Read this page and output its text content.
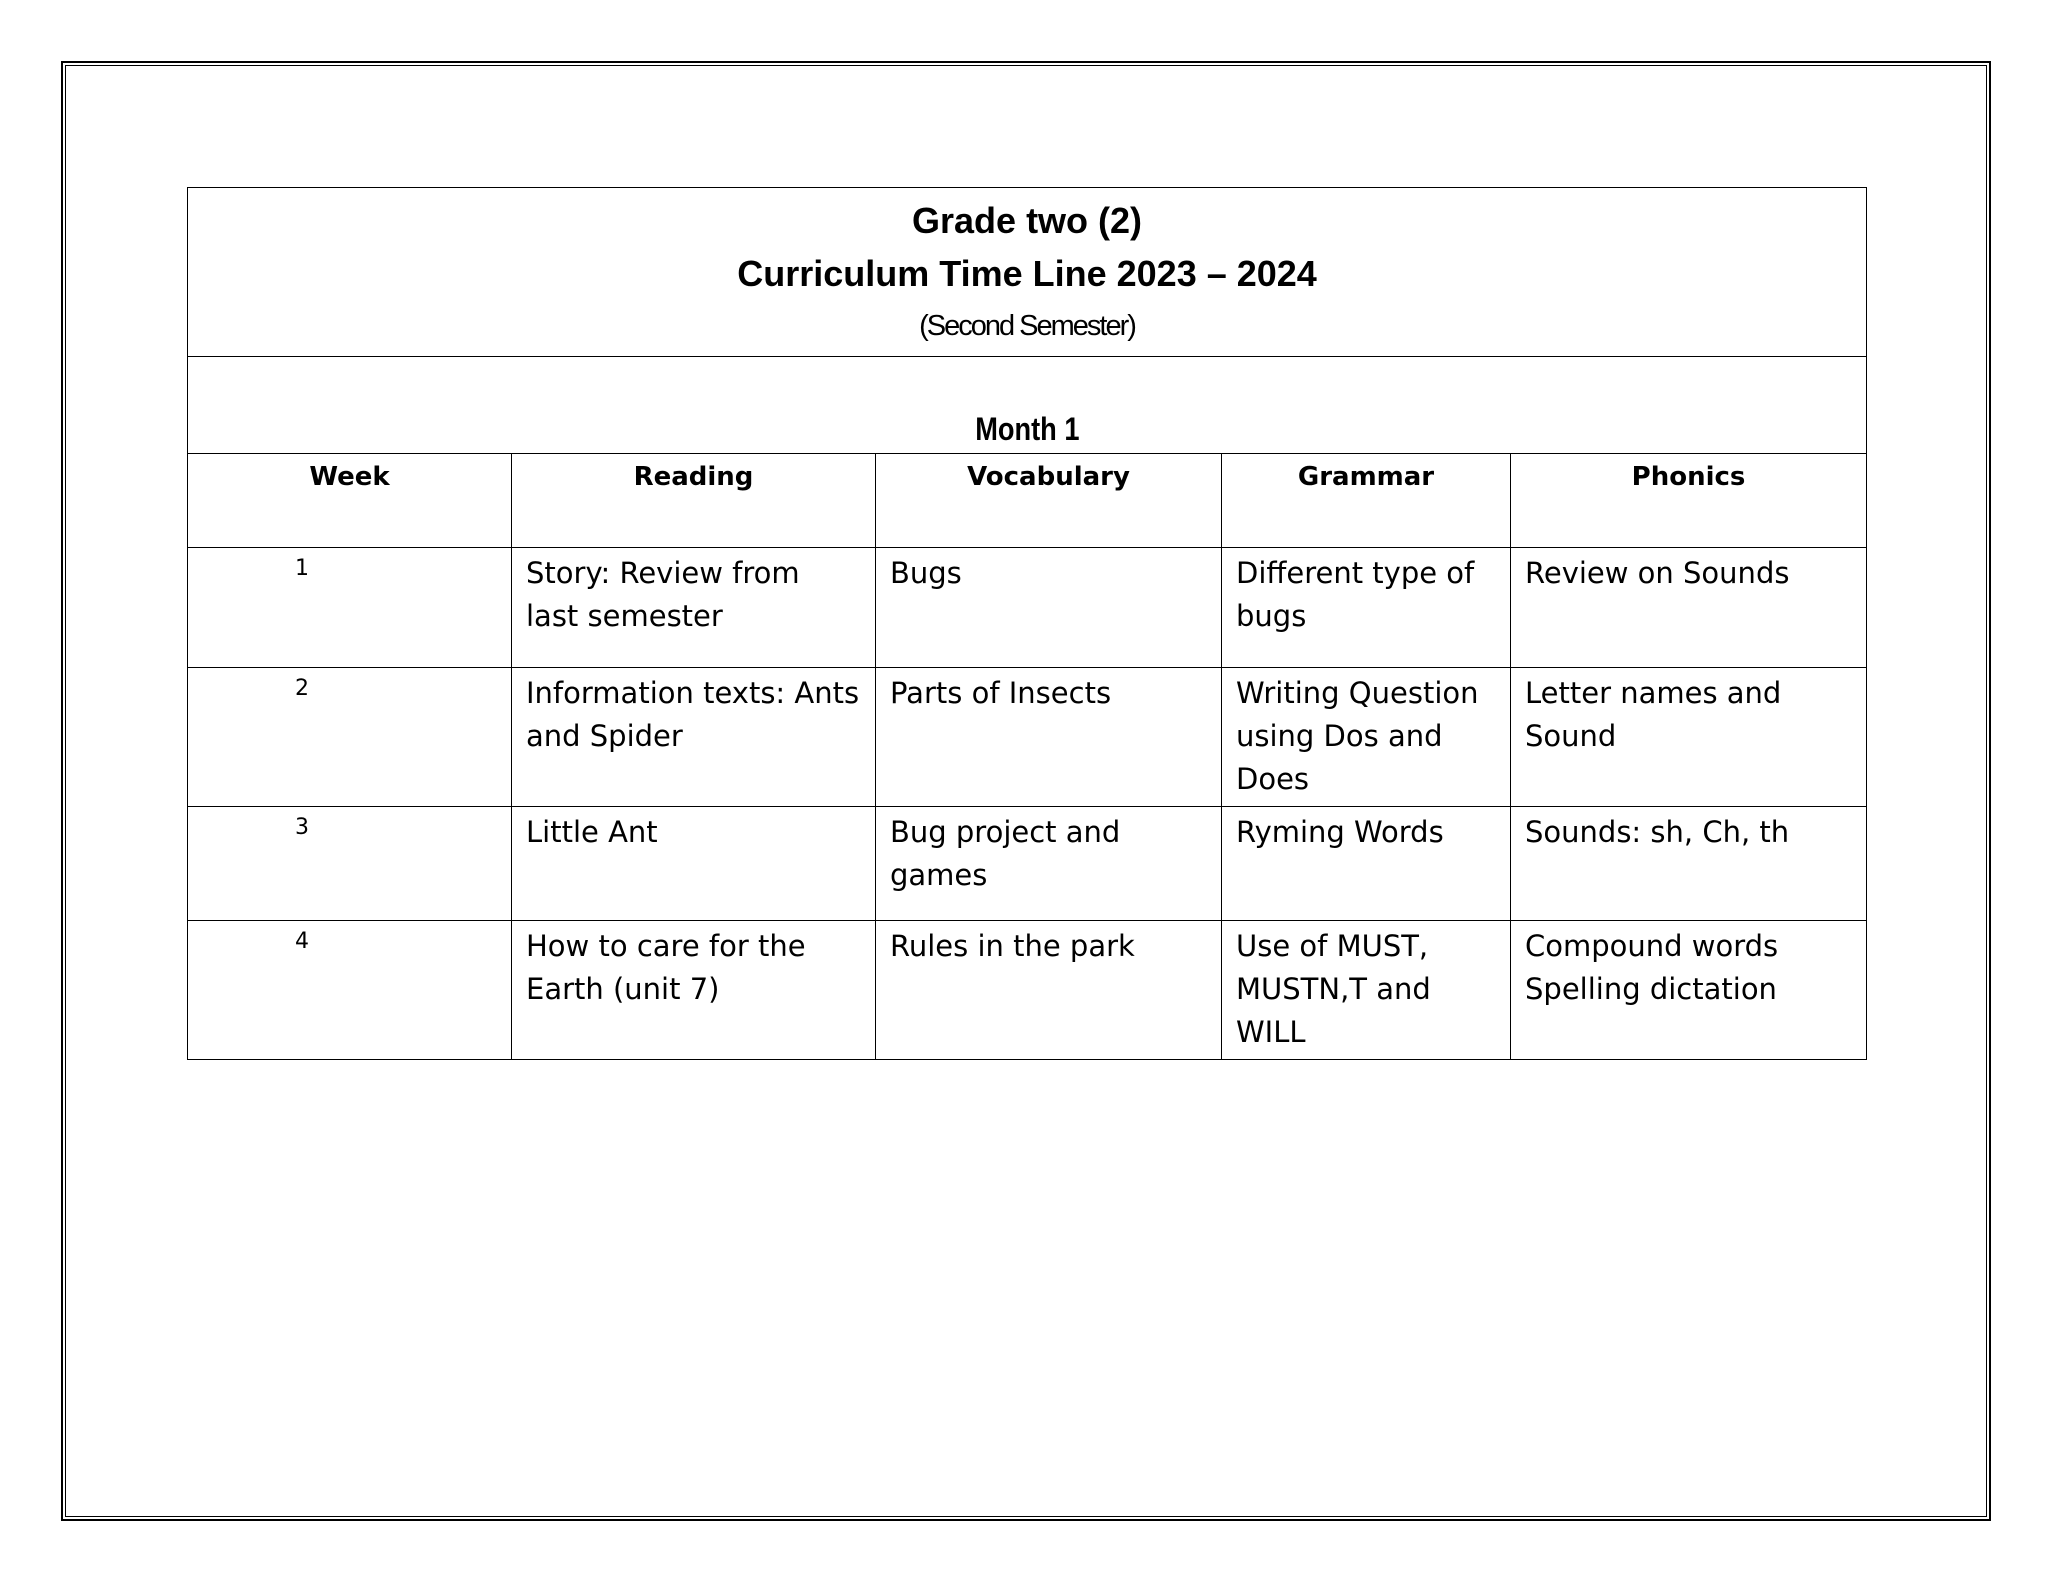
Grade two (2)
Curriculum Time Line 2023 – 2024
(Second Semester)				

Month 1				
Week	Reading	Vocabulary	Grammar	Phonics
1	Story: Review from last semester	Bugs	Different type of bugs	Review on Sounds
2	Information texts: Ants and Spider	Parts of Insects	Writing Question using Dos and Does	Letter names and Sound
3	Little Ant	Bug project and games	Ryming Words	Sounds: sh, Ch, th
4	How to care for the Earth (unit 7)	Rules in the park	Use of MUST, MUSTN,T and WILL	Compound words Spelling dictation
